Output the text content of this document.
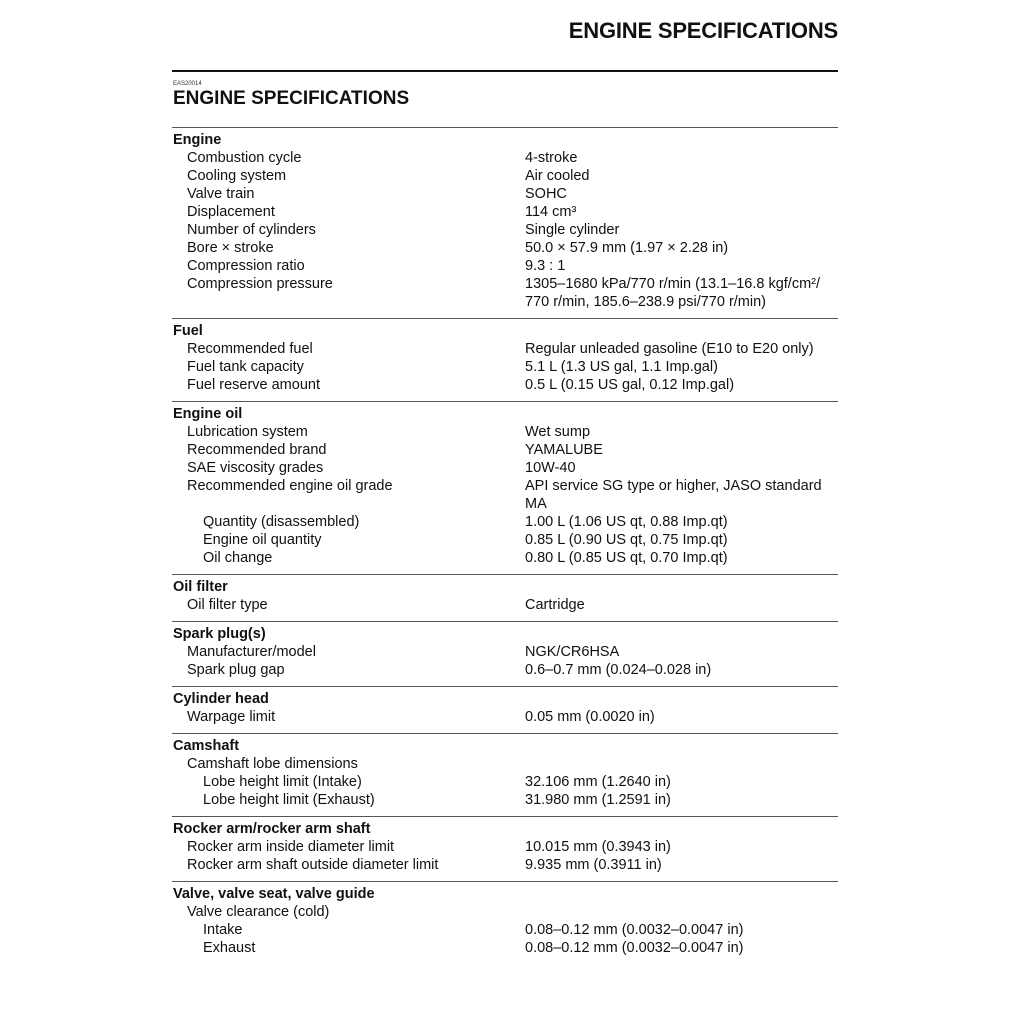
ENGINE SPECIFICATIONS
EAS20014
ENGINE SPECIFICATIONS
Engine
Combustion cycle	4-stroke
Cooling system	Air cooled
Valve train	SOHC
Displacement	114 cm³
Number of cylinders	Single cylinder
Bore × stroke	50.0 × 57.9 mm (1.97 × 2.28 in)
Compression ratio	9.3 : 1
Compression pressure	1305–1680 kPa/770 r/min (13.1–16.8 kgf/cm²/ 770 r/min, 185.6–238.9 psi/770 r/min)
Fuel
Recommended fuel	Regular unleaded gasoline (E10 to E20 only)
Fuel tank capacity	5.1 L (1.3 US gal, 1.1 Imp.gal)
Fuel reserve amount	0.5 L (0.15 US gal, 0.12 Imp.gal)
Engine oil
Lubrication system	Wet sump
Recommended brand	YAMALUBE
SAE viscosity grades	10W-40
Recommended engine oil grade	API service SG type or higher, JASO standard MA
Quantity (disassembled)	1.00 L (1.06 US qt, 0.88 Imp.qt)
Engine oil quantity	0.85 L (0.90 US qt, 0.75 Imp.qt)
Oil change	0.80 L (0.85 US qt, 0.70 Imp.qt)
Oil filter
Oil filter type	Cartridge
Spark plug(s)
Manufacturer/model	NGK/CR6HSA
Spark plug gap	0.6–0.7 mm (0.024–0.028 in)
Cylinder head
Warpage limit	0.05 mm (0.0020 in)
Camshaft
Camshaft lobe dimensions
Lobe height limit (Intake)	32.106 mm (1.2640 in)
Lobe height limit (Exhaust)	31.980 mm (1.2591 in)
Rocker arm/rocker arm shaft
Rocker arm inside diameter limit	10.015 mm (0.3943 in)
Rocker arm shaft outside diameter limit	9.935 mm (0.3911 in)
Valve, valve seat, valve guide
Valve clearance (cold)
Intake	0.08–0.12 mm (0.0032–0.0047 in)
Exhaust	0.08–0.12 mm (0.0032–0.0047 in)
